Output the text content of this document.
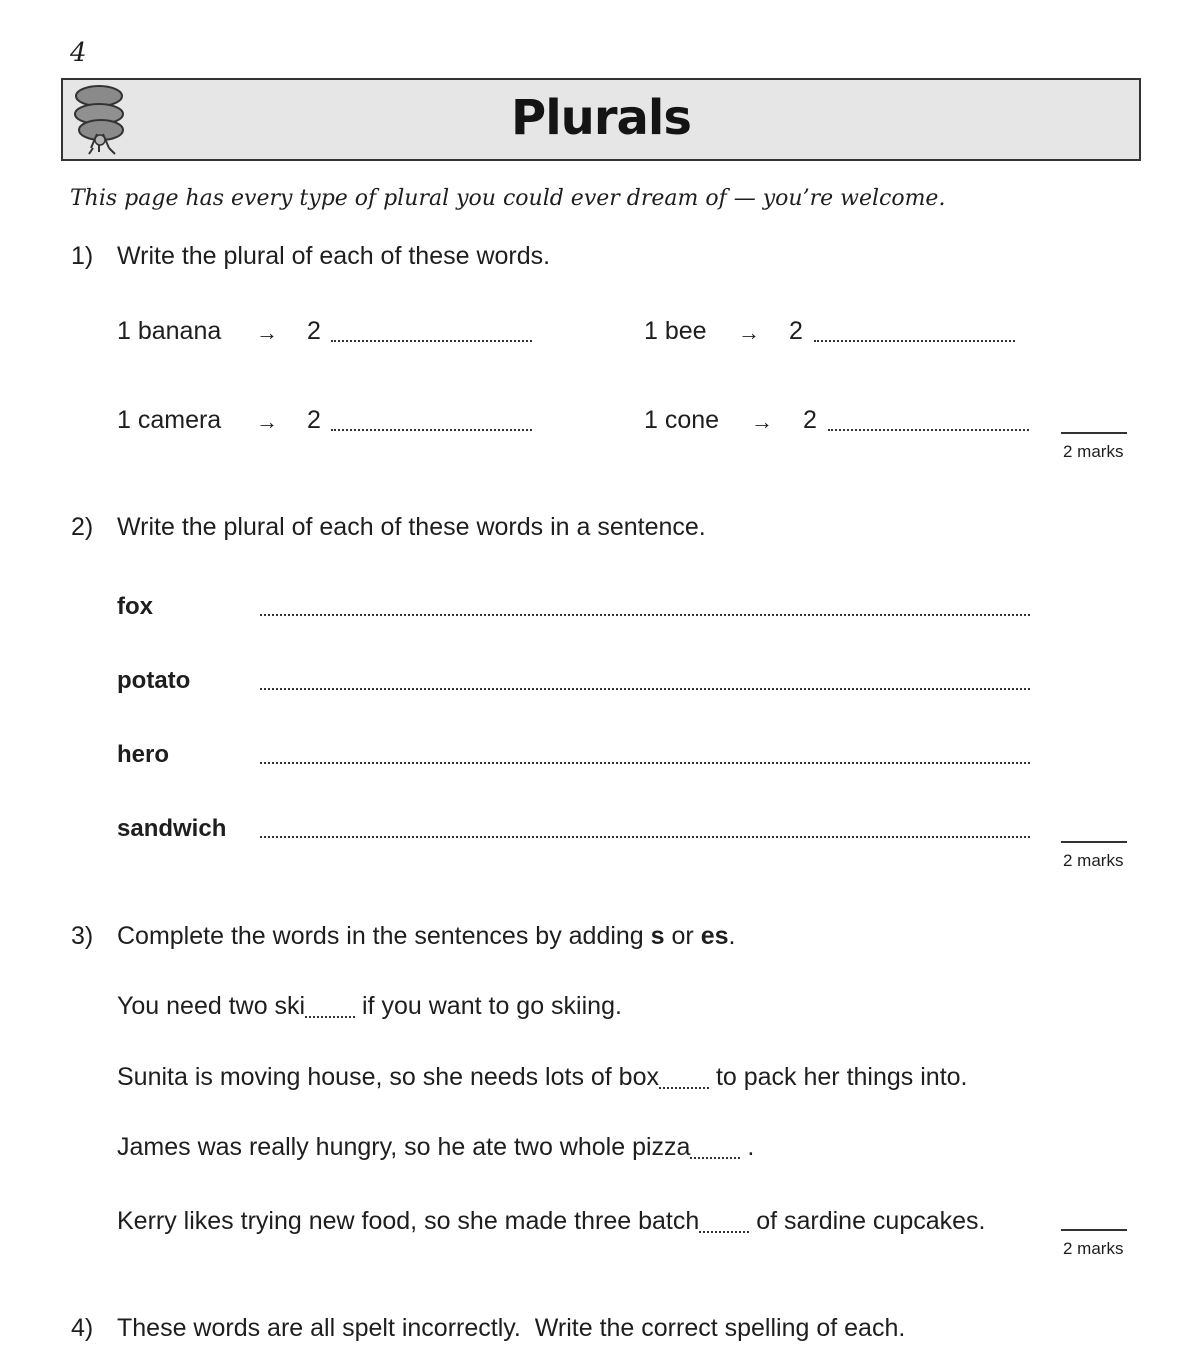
4
Plurals
This page has every type of plural you could ever dream of — you’re welcome.
1) Write the plural of each of these words.
1 banana → 2	1 bee → 2
1 camera → 2	1 cone → 2
2 marks
2) Write the plural of each of these words in a sentence.
fox
potato
hero
sandwich
2 marks
3) Complete the words in the sentences by adding s or es.
You need two ski if you want to go skiing.
Sunita is moving house, so she needs lots of box to pack her things into.
James was really hungry, so he ate two whole pizza .
Kerry likes trying new food, so she made three batch of sardine cupcakes.
2 marks
4) These words are all spelt incorrectly.  Write the correct spelling of each.
